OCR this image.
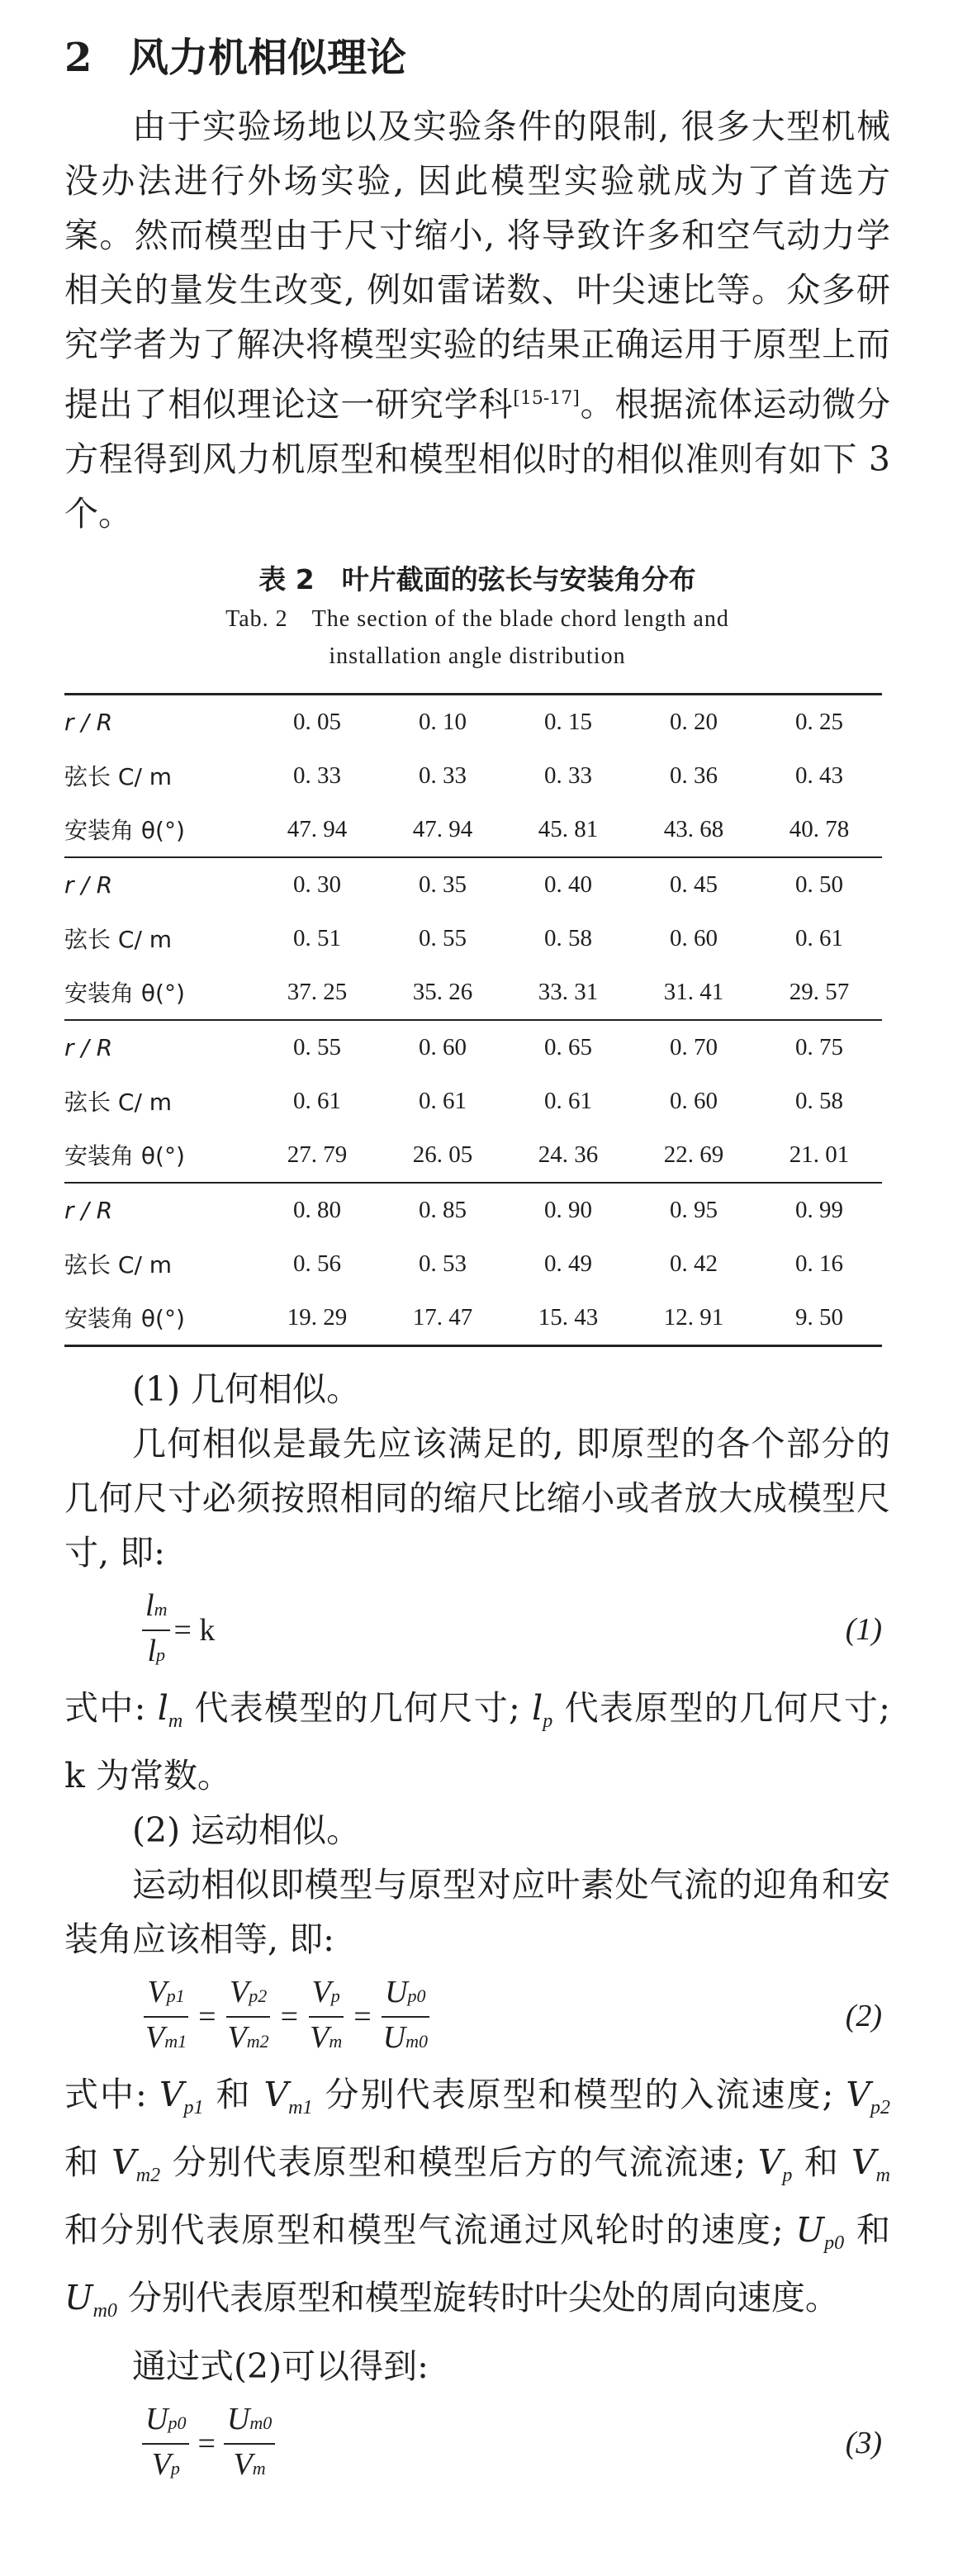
2 风力机相似理论

由于实验场地以及实验条件的限制, 很多大型机械没办法进行外场实验, 因此模型实验就成为了首选方案。然而模型由于尺寸缩小, 将导致许多和空气动力学相关的量发生改变, 例如雷诺数、叶尖速比等。众多研究学者为了解决将模型实验的结果正确运用于原型上而提出了相似理论这一研究学科[15-17]。根据流体运动微分方程得到风力机原型和模型相似时的相似准则有如下 3 个。

表 2　叶片截面的弦长与安装角分布
Tab. 2　The section of the blade chord length and
installation angle distribution
r / R	0. 05	0. 10	0. 15	0. 20	0. 25
弦长 C/ m	0. 33	0. 33	0. 33	0. 36	0. 43
安装角 θ(°)	47. 94	47. 94	45. 81	43. 68	40. 78
r / R	0. 30	0. 35	0. 40	0. 45	0. 50
弦长 C/ m	0. 51	0. 55	0. 58	0. 60	0. 61
安装角 θ(°)	37. 25	35. 26	33. 31	31. 41	29. 57
r / R	0. 55	0. 60	0. 65	0. 70	0. 75
弦长 C/ m	0. 61	0. 61	0. 61	0. 60	0. 58
安装角 θ(°)	27. 79	26. 05	24. 36	22. 69	21. 01
r / R	0. 80	0. 85	0. 90	0. 95	0. 99
弦长 C/ m	0. 56	0. 53	0. 49	0. 42	0. 16
安装角 θ(°)	19. 29	17. 47	15. 43	12. 91	9. 50

(1) 几何相似。

几何相似是最先应该满足的, 即原型的各个部分的几何尺寸必须按照相同的缩尺比缩小或者放大成模型尺寸, 即:

$\frac{lm}{lp} = k$	(1)

式中: $l_m$ 代表模型的几何尺寸; $l_p$ 代表原型的几何尺寸; k 为常数。

(2) 运动相似。

运动相似即模型与原型对应叶素处气流的迎角和安装角应该相等, 即:

$\frac{Vp1}{Vm1} = \frac{Vp2}{Vm2} = \frac{Vp}{Vm} = \frac{Up0}{Um0}$	(2)

式中: $V_{p1}$ 和 $V_{m1}$ 分别代表原型和模型的入流速度; $V_{p2}$ 和 $V_{m2}$ 分别代表原型和模型后方的气流流速; $V_p$ 和 $V_m$ 和分别代表原型和模型气流通过风轮时的速度; $U_{p0}$ 和 $U_{m0}$ 分别代表原型和模型旋转时叶尖处的周向速度。

通过式(2)可以得到:

$\frac{Up0}{Vp} = \frac{Um0}{Vm}$	(3)
